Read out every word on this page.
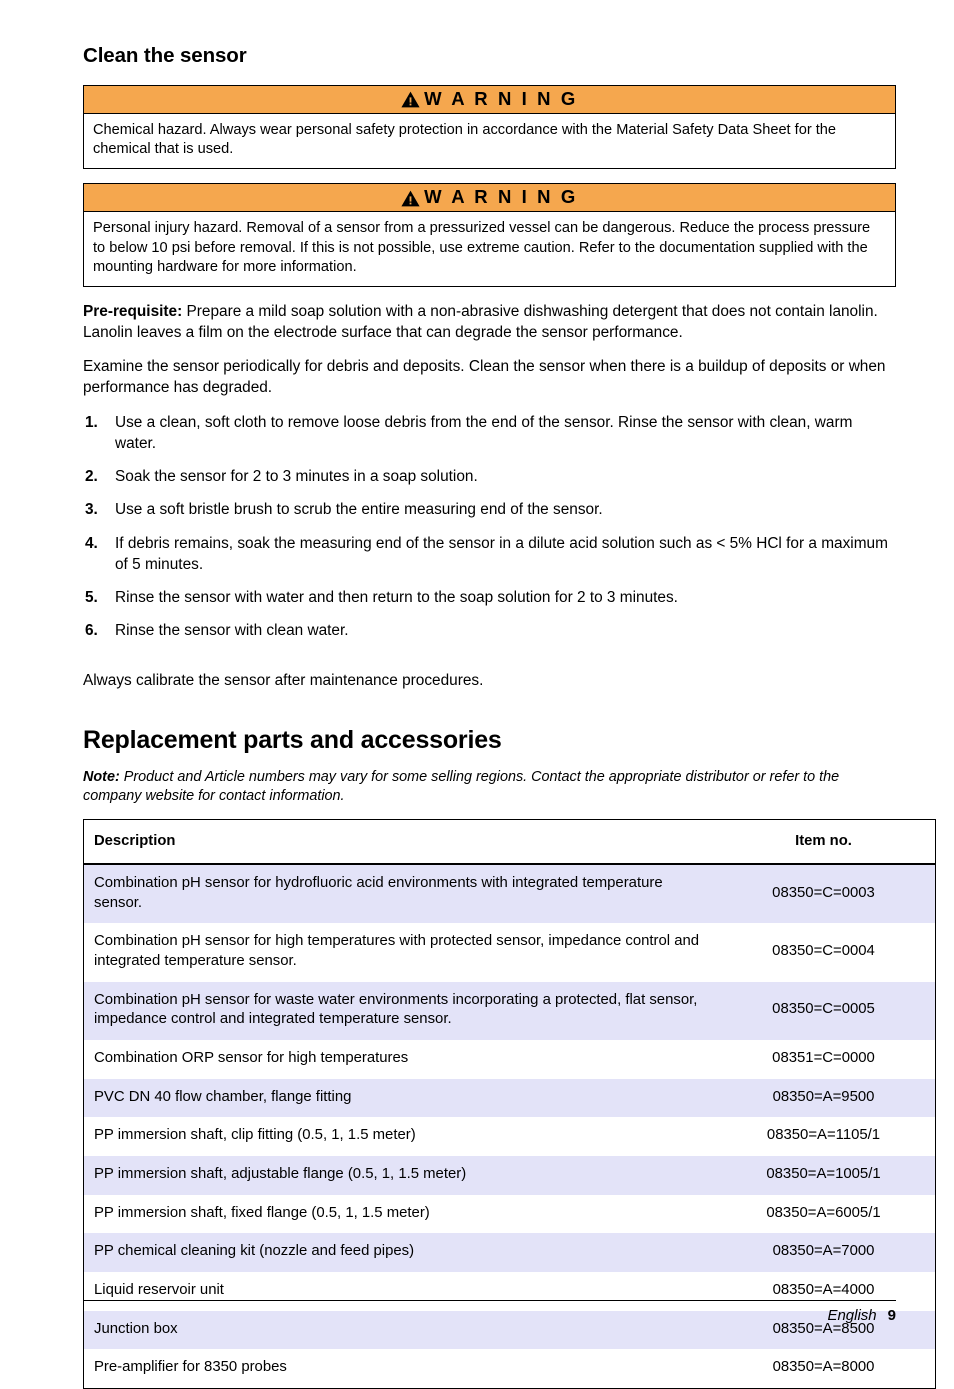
Clean the sensor
W A R N I N G
Chemical hazard. Always wear personal safety protection in accordance with the Material Safety Data Sheet for the chemical that is used.
W A R N I N G
Personal injury hazard. Removal of a sensor from a pressurized vessel can be dangerous. Reduce the process pressure to below 10 psi before removal. If this is not possible, use extreme caution. Refer to the documentation supplied with the mounting hardware for more information.

Pre-requisite: Prepare a mild soap solution with a non-abrasive dishwashing detergent that does not contain lanolin. Lanolin leaves a film on the electrode surface that can degrade the sensor performance.

Examine the sensor periodically for debris and deposits. Clean the sensor when there is a buildup of deposits or when performance has degraded.

1.	Use a clean, soft cloth to remove loose debris from the end of the sensor. Rinse the sensor with clean, warm water.
2.	Soak the sensor for 2 to 3 minutes in a soap solution.
3.	Use a soft bristle brush to scrub the entire measuring end of the sensor.
4.	If debris remains, soak the measuring end of the sensor in a dilute acid solution such as < 5% HCl for a maximum of 5 minutes.
5.	Rinse the sensor with water and then return to the soap solution for 2 to 3 minutes.
6.	Rinse the sensor with clean water.

Always calibrate the sensor after maintenance procedures.

Replacement parts and accessories

Note: Product and Article numbers may vary for some selling regions. Contact the appropriate distributor or refer to the company website for contact information.

Description	Item no.
Combination pH sensor for hydrofluoric acid environments with integrated temperature sensor.	08350=C=0003
Combination pH sensor for high temperatures with protected sensor, impedance control and integrated temperature sensor.	08350=C=0004
Combination pH sensor for waste water environments incorporating a protected, flat sensor, impedance control and integrated temperature sensor.	08350=C=0005
Combination ORP sensor for high temperatures	08351=C=0000
PVC DN 40 flow chamber, flange fitting	08350=A=9500
PP immersion shaft, clip fitting (0.5, 1, 1.5 meter)	08350=A=1105/1
PP immersion shaft, adjustable flange (0.5, 1, 1.5 meter)	08350=A=1005/1
PP immersion shaft, fixed flange (0.5, 1, 1.5 meter)	08350=A=6005/1
PP chemical cleaning kit (nozzle and feed pipes)	08350=A=7000
Liquid reservoir unit	08350=A=4000
Junction box	08350=A=8500
Pre-amplifier for 8350 probes	08350=A=8000
English 9
